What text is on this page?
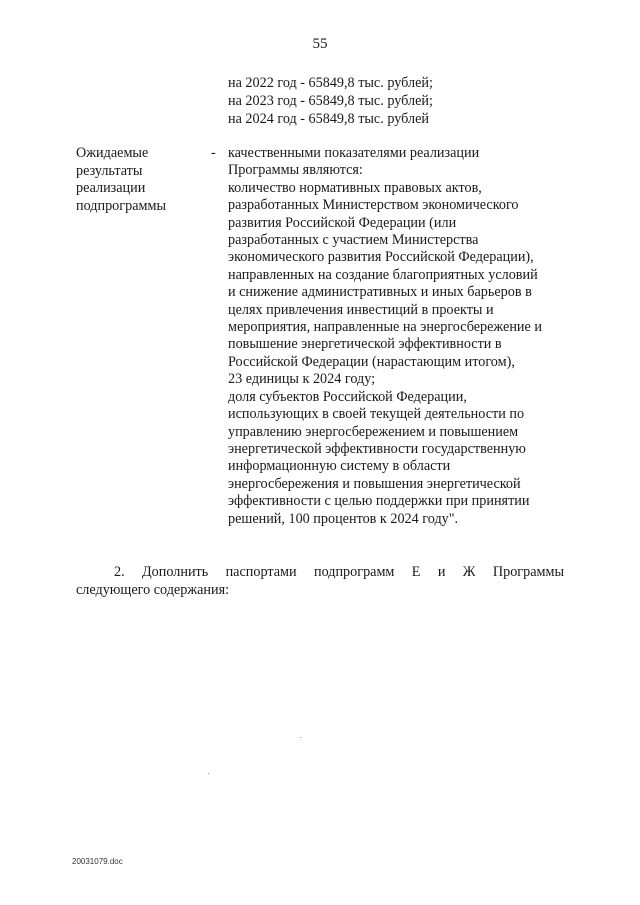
55
на 2022 год - 65849,8 тыс. рублей;
на 2023 год - 65849,8 тыс. рублей;
на 2024 год - 65849,8 тыс. рублей
Ожидаемые
результаты
реализации
подпрограммы
- качественными показателями реализации
Программы являются:
количество нормативных правовых актов,
разработанных Министерством экономического
развития Российской Федерации (или
разработанных с участием Министерства
экономического развития Российской Федерации),
направленных на создание благоприятных условий
и снижение административных и иных барьеров в
целях привлечения инвестиций в проекты и
мероприятия, направленные на энергосбережение и
повышение энергетической эффективности в
Российской Федерации (нарастающим итогом),
23 единицы к 2024 году;
доля субъектов Российской Федерации,
использующих в своей текущей деятельности по
управлению энергосбережением и повышением
энергетической эффективности государственную
информационную систему в области
энергосбережения и повышения энергетической
эффективности с целью поддержки при принятии
решений, 100 процентов к 2024 году".
2. Дополнить паспортами подпрограмм Е и Ж Программы
следующего содержания:
20031079.doc
